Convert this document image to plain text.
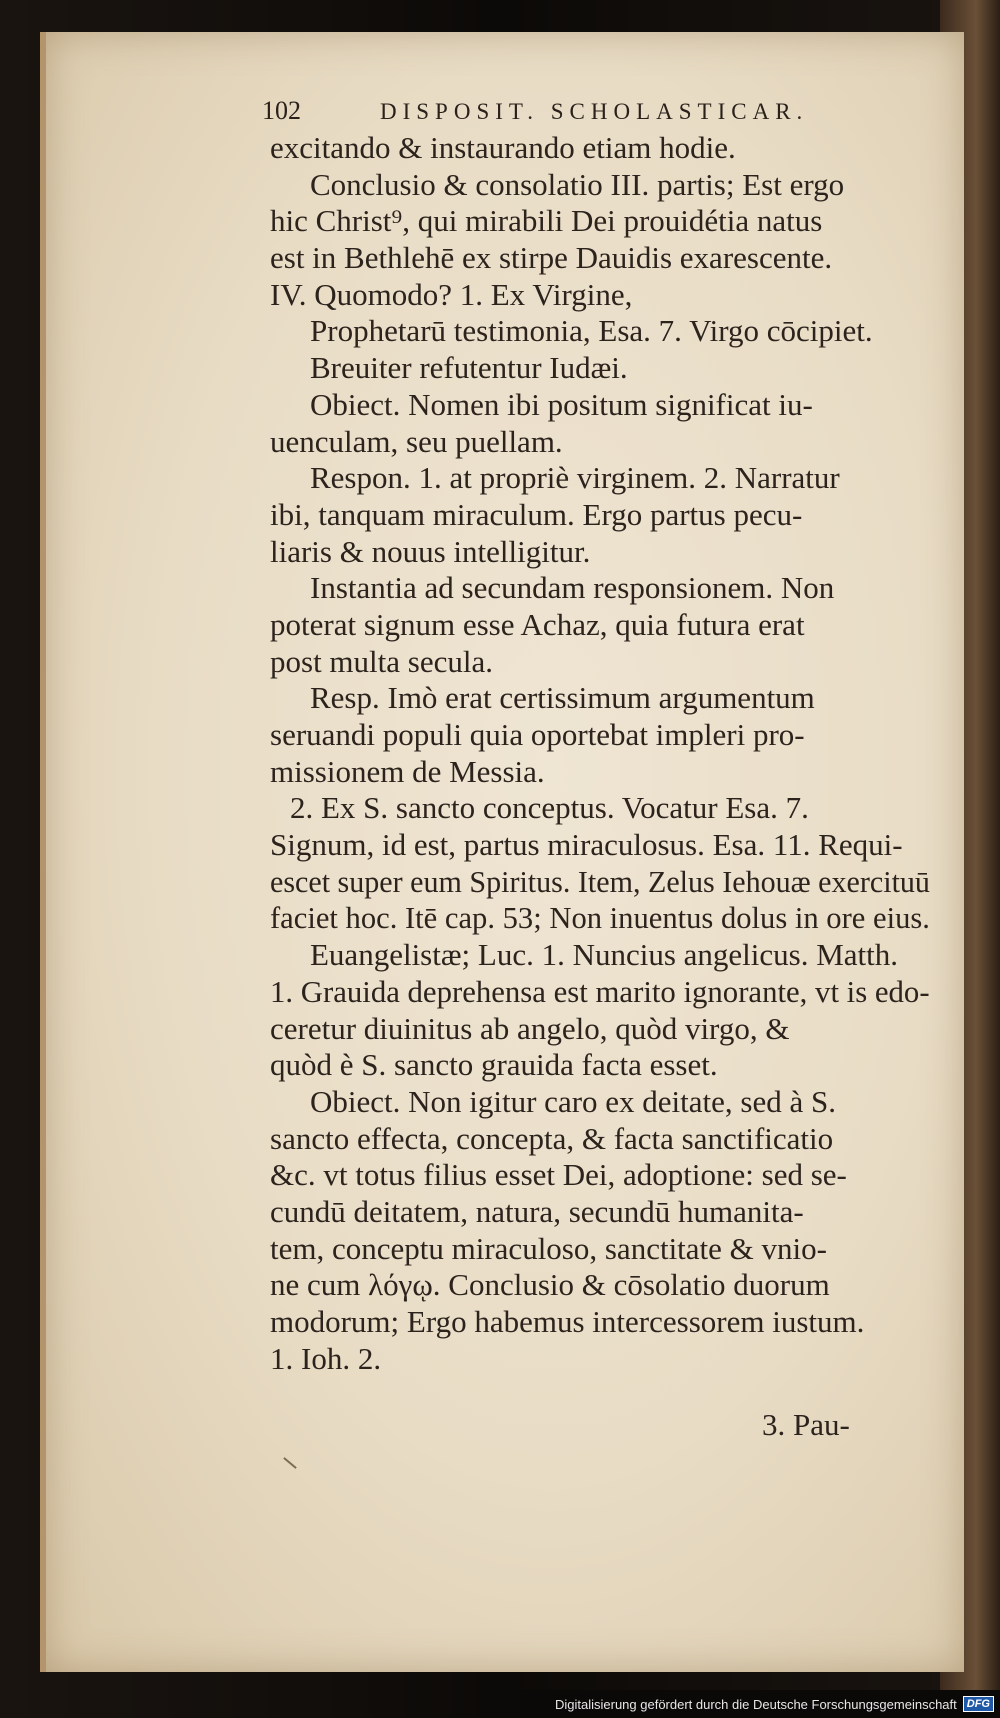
102	DISPOSIT. SCHOLASTICAR.
excitando & instaurando etiam hodie.
Conclusio & consolatio III. partis; Est ergo
hic Christ⁹, qui mirabili Dei prouidétia natus
est in Bethlehē ex stirpe Dauidis exarescente.
IV. Quomodo? 1. Ex Virgine,
Prophetarū testimonia, Esa. 7. Virgo cōcipiet.
Breuiter refutentur Iudæi.
Obiect. Nomen ibi positum significat iu-
uenculam, seu puellam.
Respon. 1. at propriè virginem. 2. Narratur
ibi, tanquam miraculum. Ergo partus pecu-
liaris & nouus intelligitur.
Instantia ad secundam responsionem. Non
poterat signum esse Achaz, quia futura erat
post multa secula.
Resp. Imò erat certissimum argumentum
seruandi populi quia oportebat impleri pro-
missionem de Messia.
2. Ex S. sancto conceptus. Vocatur Esa. 7.
Signum, id est, partus miraculosus. Esa. 11. Requi-
escet super eum Spiritus. Item, Zelus Iehouæ exercituū
faciet hoc. Itē cap. 53; Non inuentus dolus in ore eius.
Euangelistæ; Luc. 1. Nuncius angelicus. Matth.
1. Grauida deprehensa est marito ignorante, vt is edo-
ceretur diuinitus ab angelo, quòd virgo, &
quòd è S. sancto grauida facta esset.
Obiect. Non igitur caro ex deitate, sed à S.
sancto effecta, concepta, & facta sanctificatio
&c. vt totus filius esset Dei, adoptione: sed se-
cundū deitatem, natura, secundū humanita-
tem, conceptu miraculoso, sanctitate & vnio-
ne cum λόγῳ. Conclusio & cōsolatio duorum
modorum; Ergo habemus intercessorem iustum.
1. Ioh. 2.
3. Pau-
Digitalisierung gefördert durch die Deutsche Forschungsgemeinschaft DFG
